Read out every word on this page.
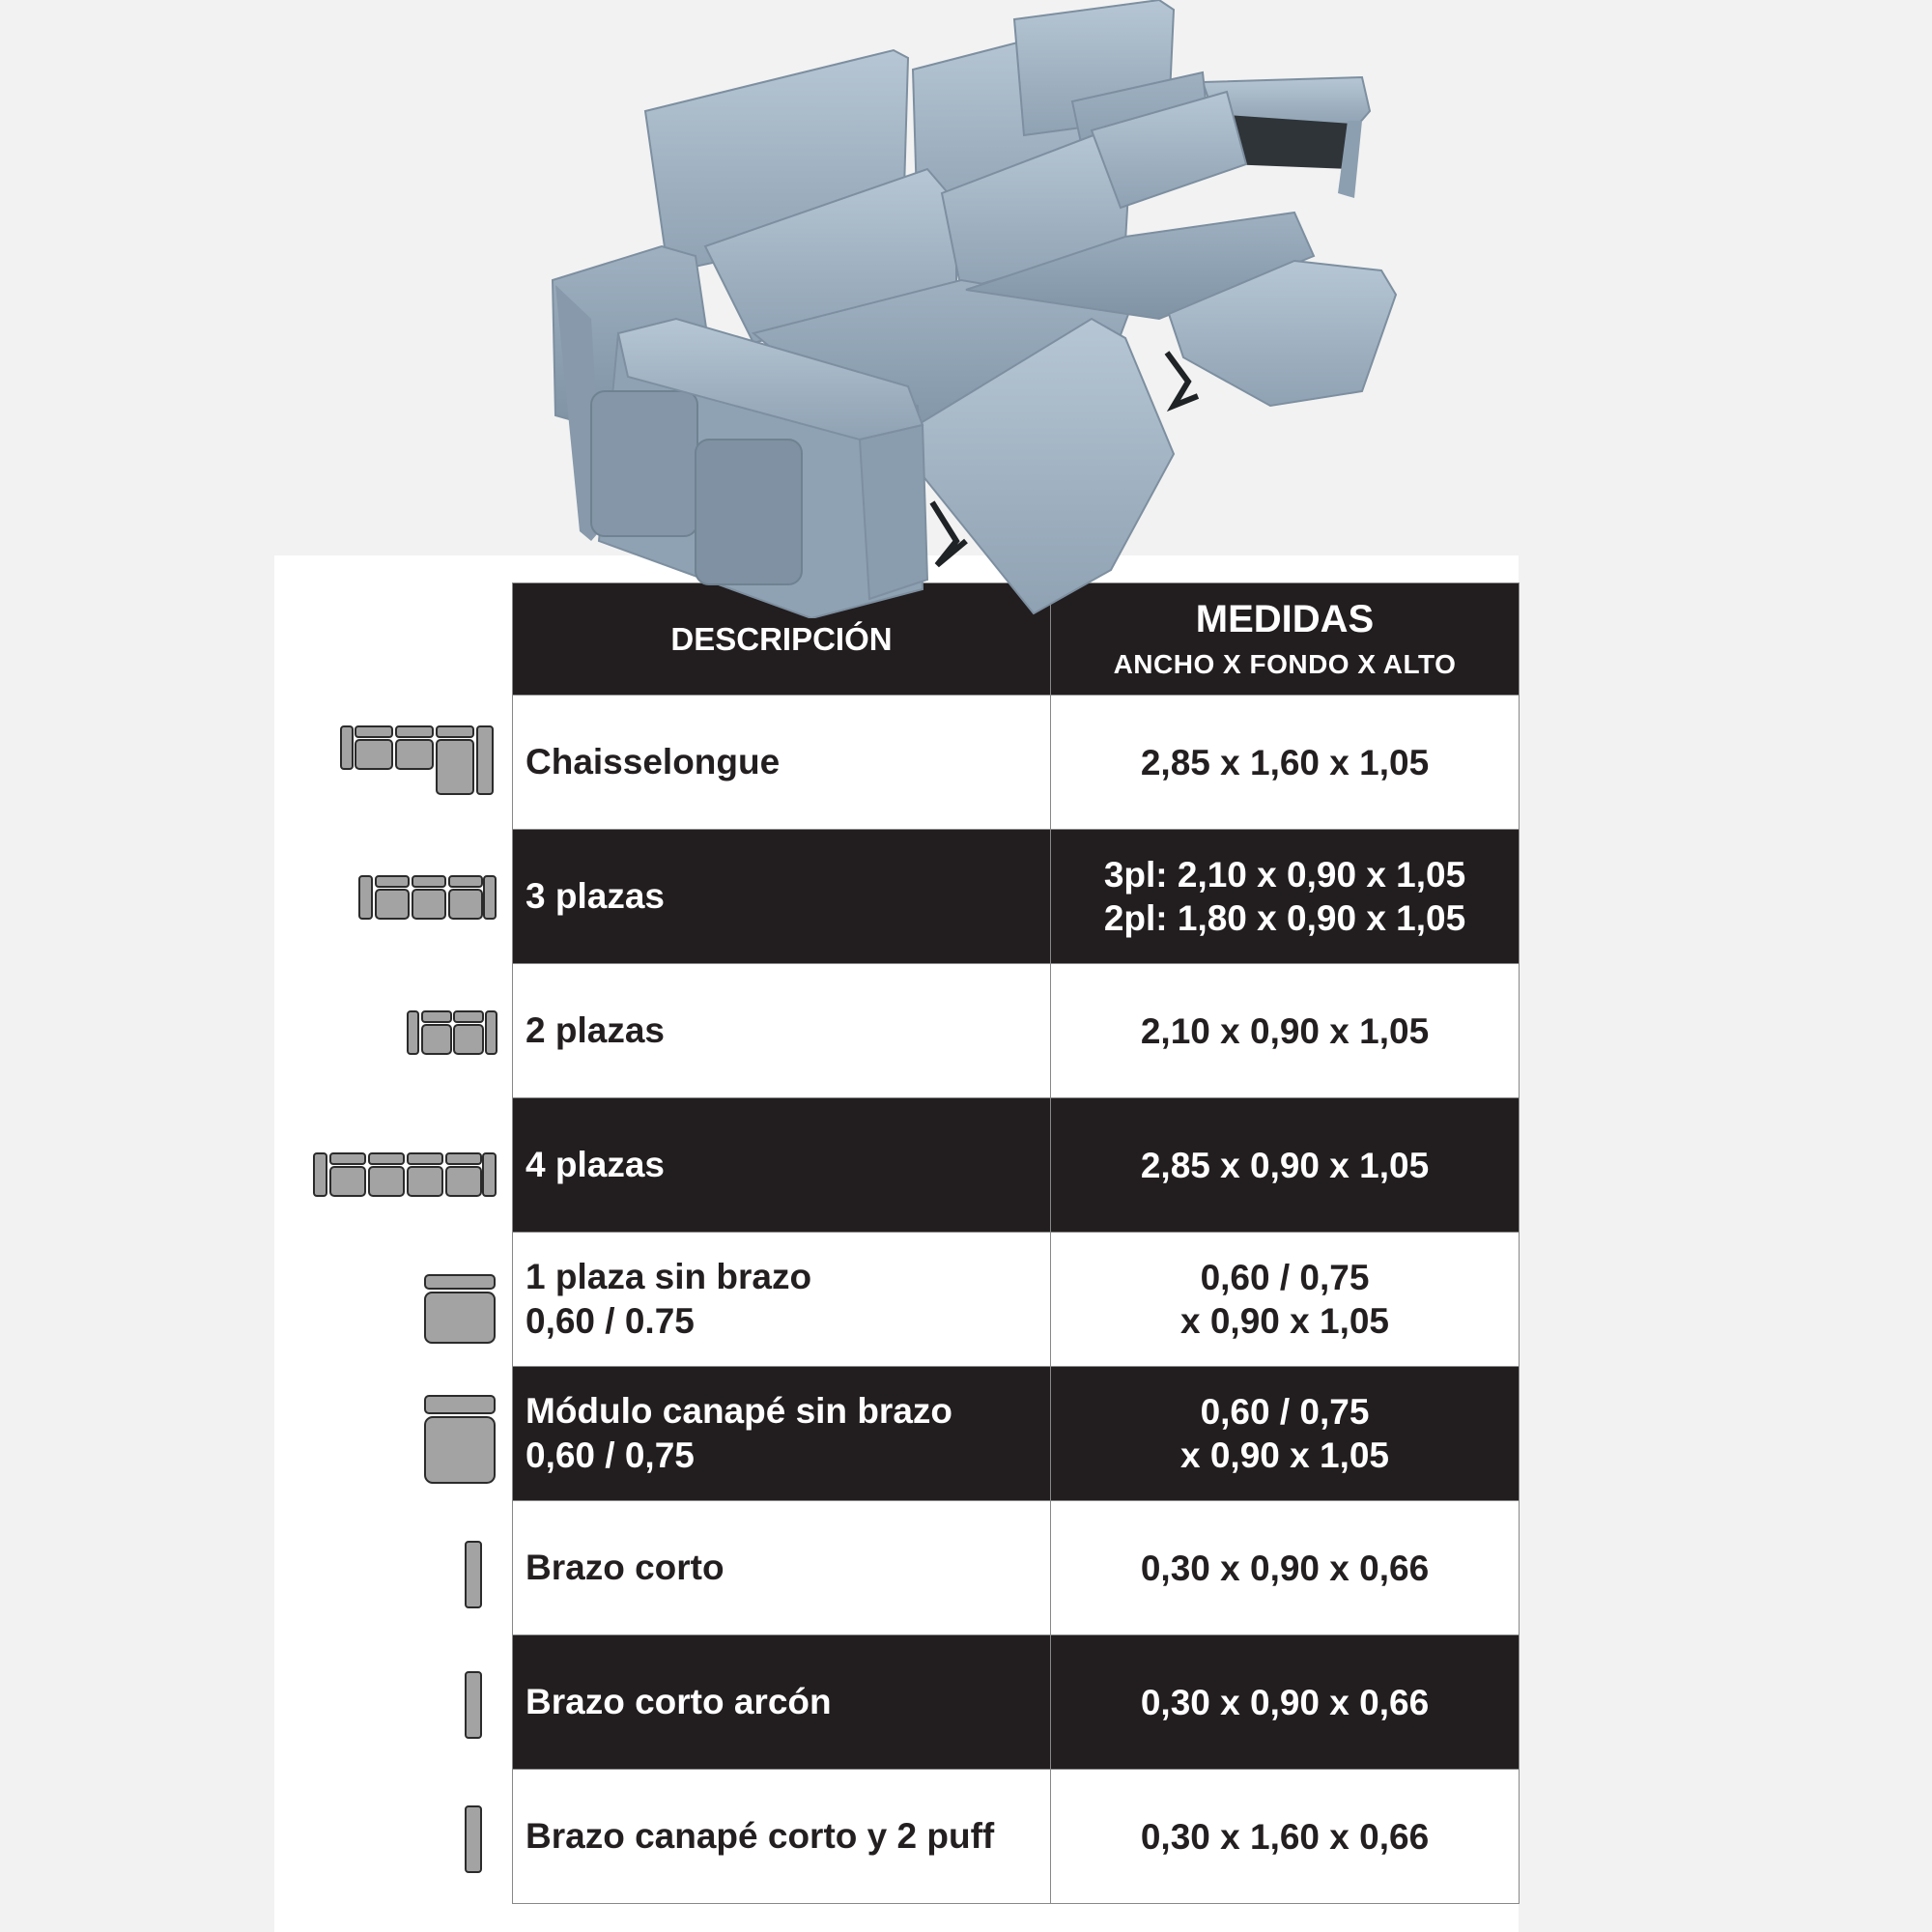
DESCRIPCIÓN	MEDIDAS
ANCHO X FONDO X ALTO

Chaisselongue	2,85 x 1,60 x 1,05

3 plazas	3pl: 2,10 x 0,90 x 1,05
2pl: 1,80 x 0,90 x 1,05

2 plazas	2,10 x 0,90 x 1,05

4 plazas	2,85 x 0,90 x 1,05

1 plaza sin brazo
0,60 / 0.75	0,60 / 0,75
x 0,90 x 1,05

Módulo canapé sin brazo
0,60 / 0,75	0,60 / 0,75
x 0,90 x 1,05

Brazo corto	0,30 x 0,90 x 0,66

Brazo corto arcón	0,30 x 0,90 x 0,66

Brazo canapé corto y 2 puff	0,30 x 1,60 x 0,66
